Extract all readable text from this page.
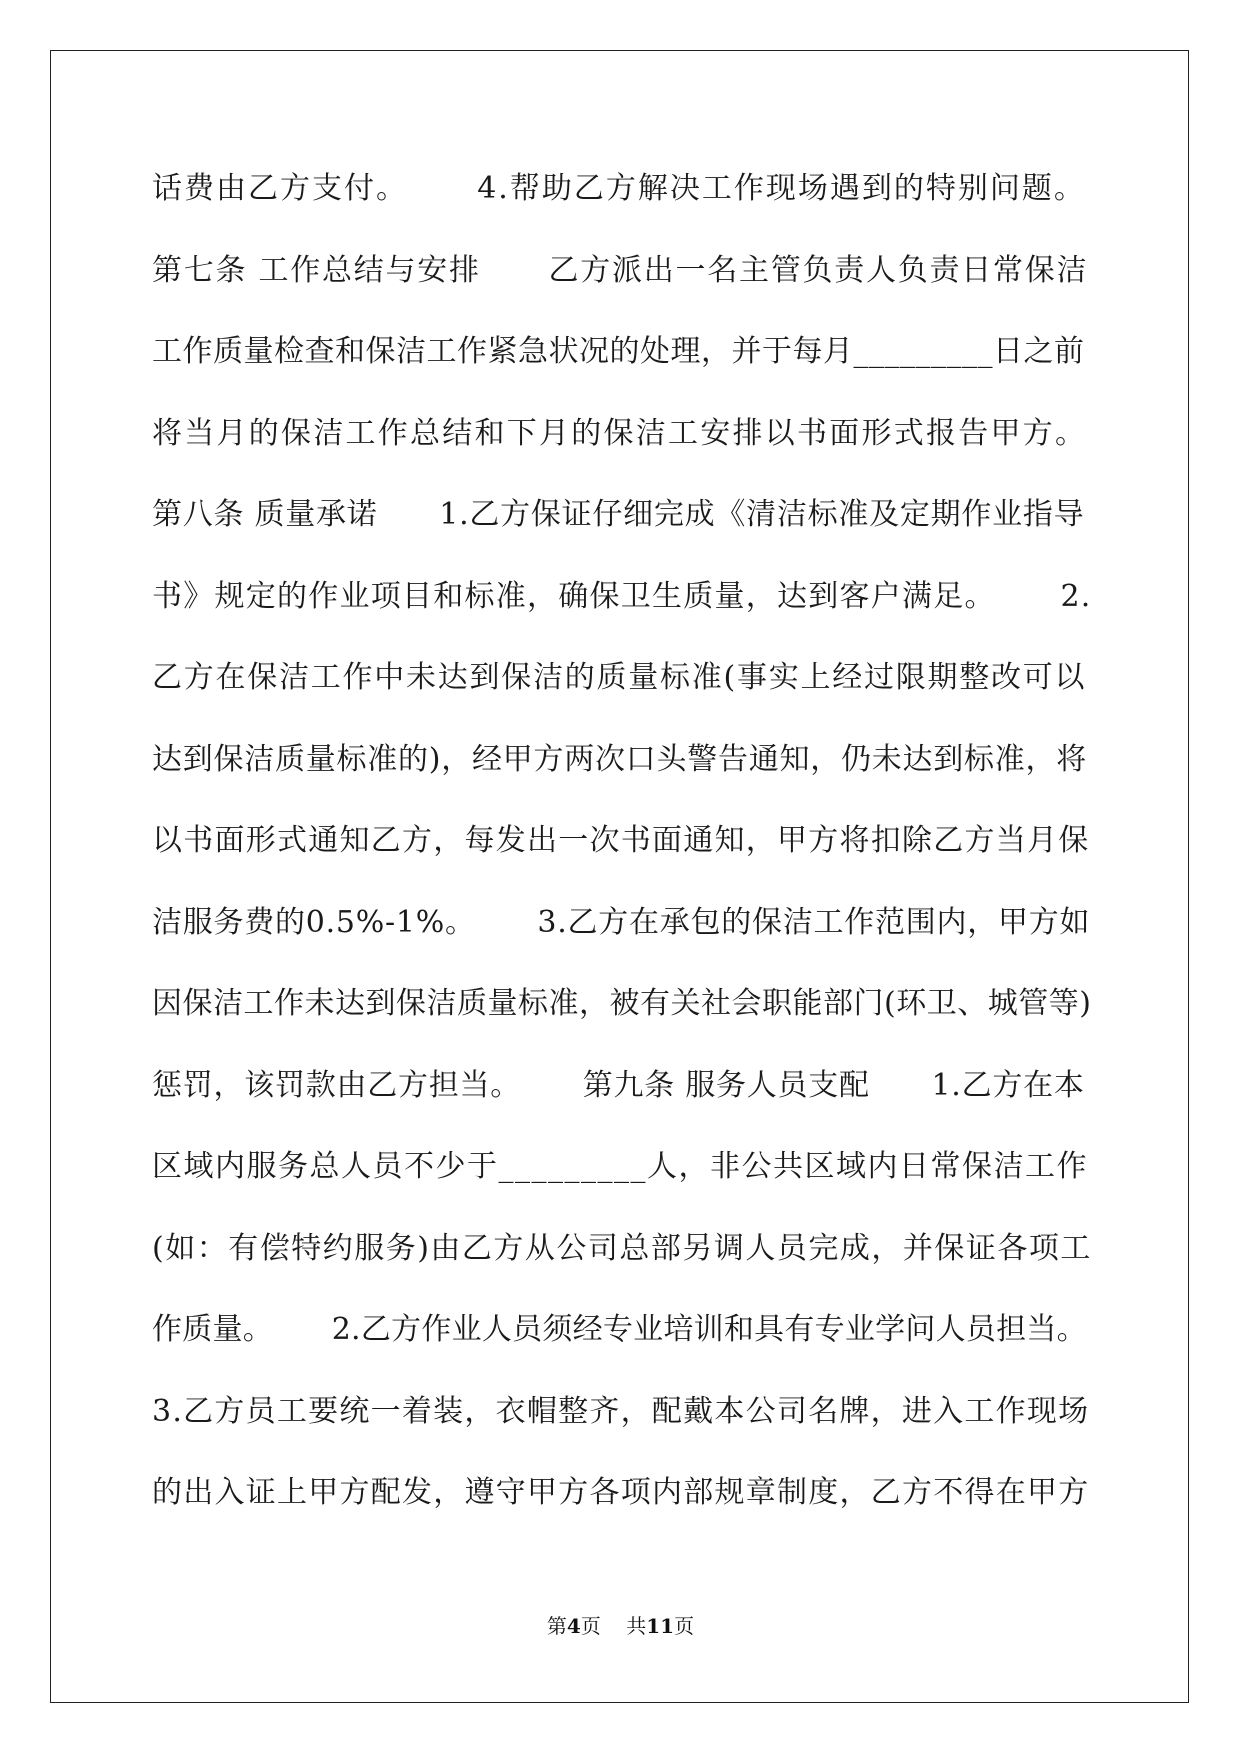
话费由乙方支付。      4.帮助乙方解决工作现场遇到的特别问题。
第七条 工作总结与安排      乙方派出一名主管负责人负责日常保洁
工作质量检查和保洁工作紧急状况的处理，并于每月_________日之前
将当月的保洁工作总结和下月的保洁工安排以书面形式报告甲方。
第八条 质量承诺      1.乙方保证仔细完成《清洁标准及定期作业指导
书》规定的作业项目和标准，确保卫生质量，达到客户满足。      2.
乙方在保洁工作中未达到保洁的质量标准(事实上经过限期整改可以
达到保洁质量标准的)，经甲方两次口头警告通知，仍未达到标准，将
以书面形式通知乙方，每发出一次书面通知，甲方将扣除乙方当月保
洁服务费的0.5%-1%。      3.乙方在承包的保洁工作范围内，甲方如
因保洁工作未达到保洁质量标准，被有关社会职能部门(环卫、城管等)
惩罚，该罚款由乙方担当。      第九条 服务人员支配      1.乙方在本
区域内服务总人员不少于_________人，非公共区域内日常保洁工作
(如：有偿特约服务)由乙方从公司总部另调人员完成，并保证各项工
作质量。      2.乙方作业人员须经专业培训和具有专业学问人员担当。
3.乙方员工要统一着装，衣帽整齐，配戴本公司名牌，进入工作现场
的出入证上甲方配发，遵守甲方各项内部规章制度，乙方不得在甲方
第4页 共11页
